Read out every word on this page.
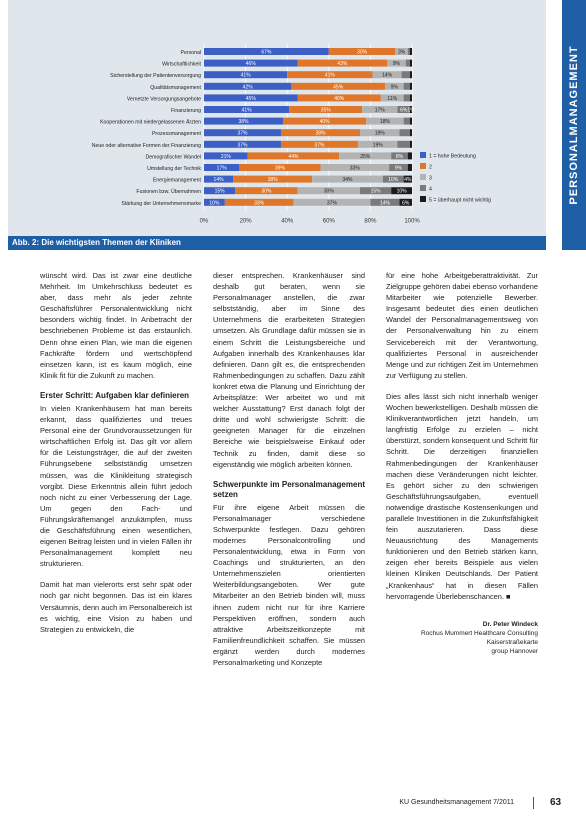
0%	20%	40%	60%	80%	100%
Personal	67%	30%	3%
Wirtschaftlichkeit	46%	43%	9%
Sicherstellung der Patientenversorgung	41%	41%	14%
Qualitätsmanagement	42%	45%	9%
Vernetzte Versorgungsangebote	45%	40%	11%
Finanzierung	41%	35%	17%	6% 1%
Kooperationen mit niedergelassenen Ärzten	38%	40%	18%
Prozessmanagement	37%	38%	19%
Neue oder alternative Formen der Finanzierung	37%	37%	19%
Demografischer Wandel	21%	44%	25%	8%
Umstellung der Technik	17%	39%	33%	9%
Energiemanagement	14%	38%	34%	10% 4%
Fusionen bzw. Übernahmen	15%	30%	30%	15%	10%
Stärkung der Unternehmensmarke 10%	33%	37%	14% 6%
1 = hohe Bedeutung
2
3
4
5 = überhaupt nicht wichtig
Abb. 2: Die wichtigsten Themen der Kliniken
PERSONALMANAGEMENT

wünscht wird. Das ist zwar eine deutliche Mehrheit. Im Umkehrschluss bedeutet es aber, dass mehr als jeder zehnte Geschäftsführer Personalentwicklung nicht besonders wichtig findet. In Anbetracht der beschriebenen Probleme ist das erstaunlich. Denn ohne einen Plan, wie man die eigenen Fachkräfte fördern und wertschöpfend einsetzen kann, ist es kaum möglich, eine Klinik fit für die Zukunft zu machen.

Erster Schritt: Aufgaben klar definieren

In vielen Krankenhäusern hat man bereits erkannt, dass qualifiziertes und treues Personal eine der Grundvoraussetzungen für wirtschaftlichen Erfolg ist. Das gilt vor allem für die Leistungsträger, die auf der zweiten Führungsebene selbstständig umsetzen müssen, was die Klinikleitung strategisch vorgibt. Diese Erkenntnis allein führt jedoch noch nicht zu einer Verbesserung der Lage. Um gegen den Fach- und Führungskräftemangel anzukämpfen, muss die Geschäftsführung einen wesentlichen, eigenen Beitrag leisten und in vielen Fällen ihr Personalmanagement komplett neu strukturieren.

Damit hat man vielerorts erst sehr spät oder noch gar nicht begonnen. Das ist ein klares Versäumnis, denn auch im Personalbereich ist es wichtig, eine Vision zu haben und Strategien zu entwickeln, die

dieser entsprechen. Krankenhäuser sind deshalb gut beraten, wenn sie Personalmanager anstellen, die zwar selbstständig, aber im Sinne des Unternehmens die erarbeiteten Strategien umsetzen. Als Grundlage dafür müssen sie in einem Schritt die Leistungsbereiche und Aufgaben innerhalb des Krankenhauses klar definieren. Dann gilt es, die entsprechenden Rahmenbedingungen zu schaffen. Dazu zählt konkret etwa die Planung und Einrichtung der Arbeitsplätze: Wer arbeitet wo und mit welcher Ausstattung? Erst danach folgt der dritte und wohl schwierigste Schritt: die geeigneten Manager für die einzelnen Bereiche wie beispielsweise Einkauf oder Technik zu finden, damit diese so eigenständig wie möglich arbeiten können.

Schwerpunkte im Personalmanagement setzen

Für ihre eigene Arbeit müssen die Personalmanager verschiedene Schwerpunkte festlegen. Dazu gehören modernes Personalcontrolling und Personalentwicklung, etwa in Form von Coachings und strukturierten, an den Unternehmenszielen orientierten Weiterbildungsangeboten. Wer gute Mitarbeiter an den Betrieb binden will, muss ihnen zudem nicht nur für ihre Karriere Perspektiven eröffnen, sondern auch attraktive Arbeitszeitkonzepte mit Familienfreundlichkeit schaffen. Sie müssen ergänzt werden durch modernes Personalmarketing und Konzepte

für eine hohe Arbeitgeberattraktivität. Zur Zielgruppe gehören dabei ebenso vorhandene Mitarbeiter wie potenzielle Bewerber. Insgesamt bedeutet dies einen deutlichen Wandel der Personalmanagementsweg von der Personalverwaltung hin zu einem Servicebereich mit der Verantwortung, qualifiziertes Personal in ausreichender Menge und zur richtigen Zeit im Unternehmen zur Verfügung zu stellen.

Dies alles lässt sich nicht innerhalb weniger Wochen bewerkstelligen. Deshalb müssen die Klinikverantwortlichen jetzt handeln, um langfristig Erfolge zu erzielen – nicht überstürzt, sondern konsequent und Schritt für Schritt. Die derzeitigen finanziellen Rahmenbedingungen der Krankenhäuser machen diese Veränderungen nicht leichter. Es gehört sicher zu den schwierigen Geschäftsführungsaufgaben, eventuell notwendige drastische Kostensenkungen und parallele Investitionen in die Zukunftsfähigkeit fein auszutarieren. Dass diese Neuausrichtung des Managements funktionieren und den Betrieb stärken kann, zeigen eher bereits Beispiele aus vielen kleinen Kliniken Deutschlands. Der Patient „Krankenhaus“ hat in diesen Fällen hervorragende Überlebenschancen. ■

Dr. Peter Windeck
Rochus Mummert Healthcare Consulting
Kaiserstraßekarte
group Hannover
KU Gesundheitsmanagement 7/2011	63
